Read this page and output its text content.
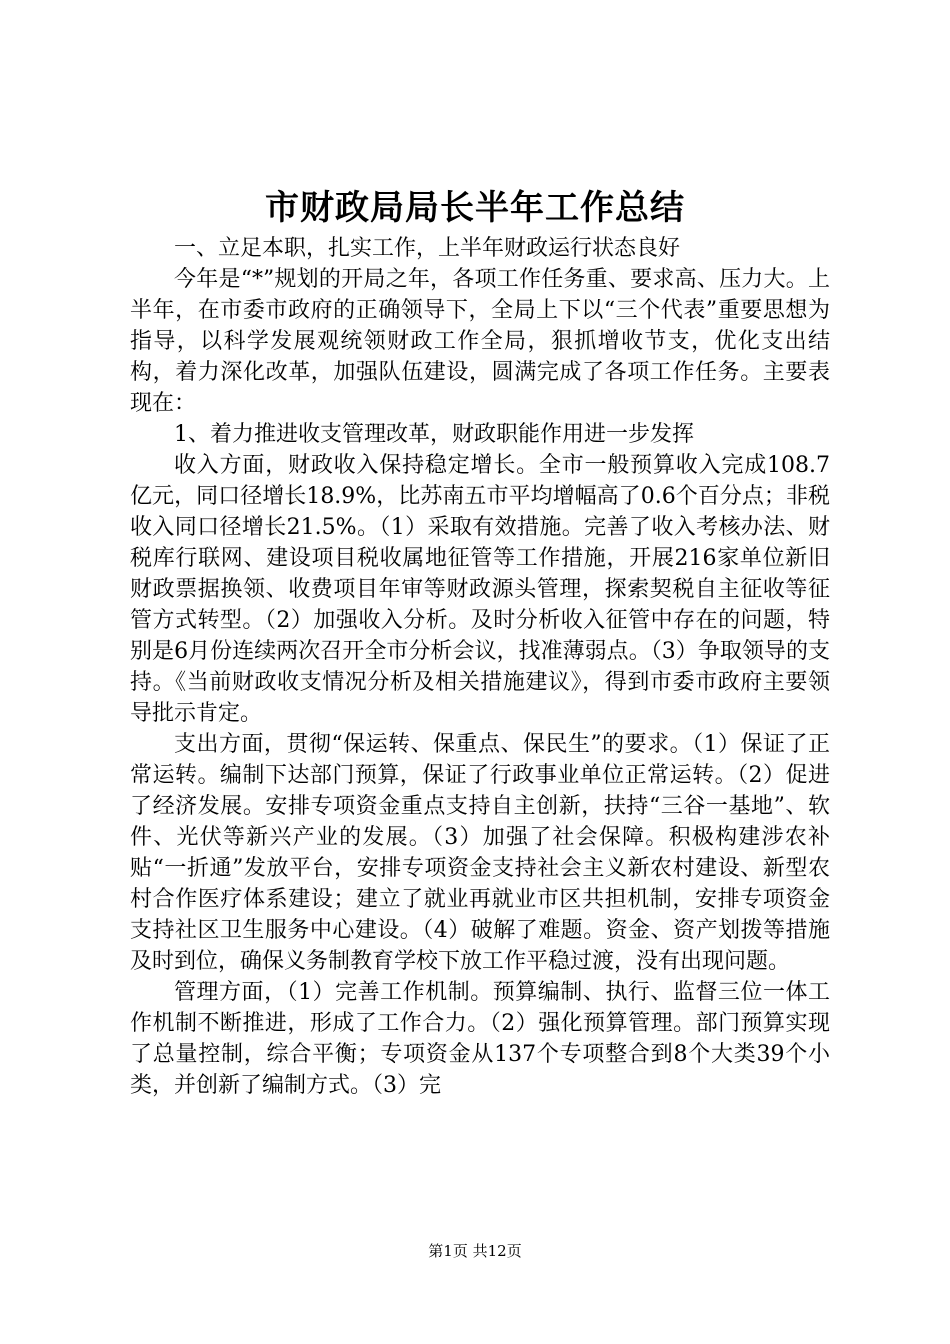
市财政局局长半年工作总结

一、立足本职，扎实工作，上半年财政运行状态良好

今年是“*”规划的开局之年，各项工作任务重、要求高、压力大。上半年，在市委市政府的正确领导下，全局上下以“三个代表”重要思想为指导，以科学发展观统领财政工作全局，狠抓增收节支，优化支出结构，着力深化改革，加强队伍建设，圆满完成了各项工作任务。主要表现在：

1、着力推进收支管理改革，财政职能作用进一步发挥

收入方面，财政收入保持稳定增长。全市一般预算收入完成108.7亿元，同口径增长18.9%，比苏南五市平均增幅高了0.6个百分点；非税收入同口径增长21.5%。（1）采取有效措施。完善了收入考核办法、财税库行联网、建设项目税收属地征管等工作措施，开展216家单位新旧财政票据换领、收费项目年审等财政源头管理，探索契税自主征收等征管方式转型。（2）加强收入分析。及时分析收入征管中存在的问题，特别是6月份连续两次召开全市分析会议，找准薄弱点。（3）争取领导的支持。《当前财政收支情况分析及相关措施建议》，得到市委市政府主要领导批示肯定。

支出方面，贯彻“保运转、保重点、保民生”的要求。（1）保证了正常运转。编制下达部门预算，保证了行政事业单位正常运转。（2）促进了经济发展。安排专项资金重点支持自主创新，扶持“三谷一基地”、软件、光伏等新兴产业的发展。（3）加强了社会保障。积极构建涉农补贴“一折通”发放平台，安排专项资金支持社会主义新农村建设、新型农村合作医疗体系建设；建立了就业再就业市区共担机制，安排专项资金支持社区卫生服务中心建设。（4）破解了难题。资金、资产划拨等措施及时到位，确保义务制教育学校下放工作平稳过渡，没有出现问题。

管理方面，（1）完善工作机制。预算编制、执行、监督三位一体工作机制不断推进，形成了工作合力。（2）强化预算管理。部门预算实现了总量控制，综合平衡；专项资金从137个专项整合到8个大类39个小类，并创新了编制方式。（3）完

第1页 共12页
